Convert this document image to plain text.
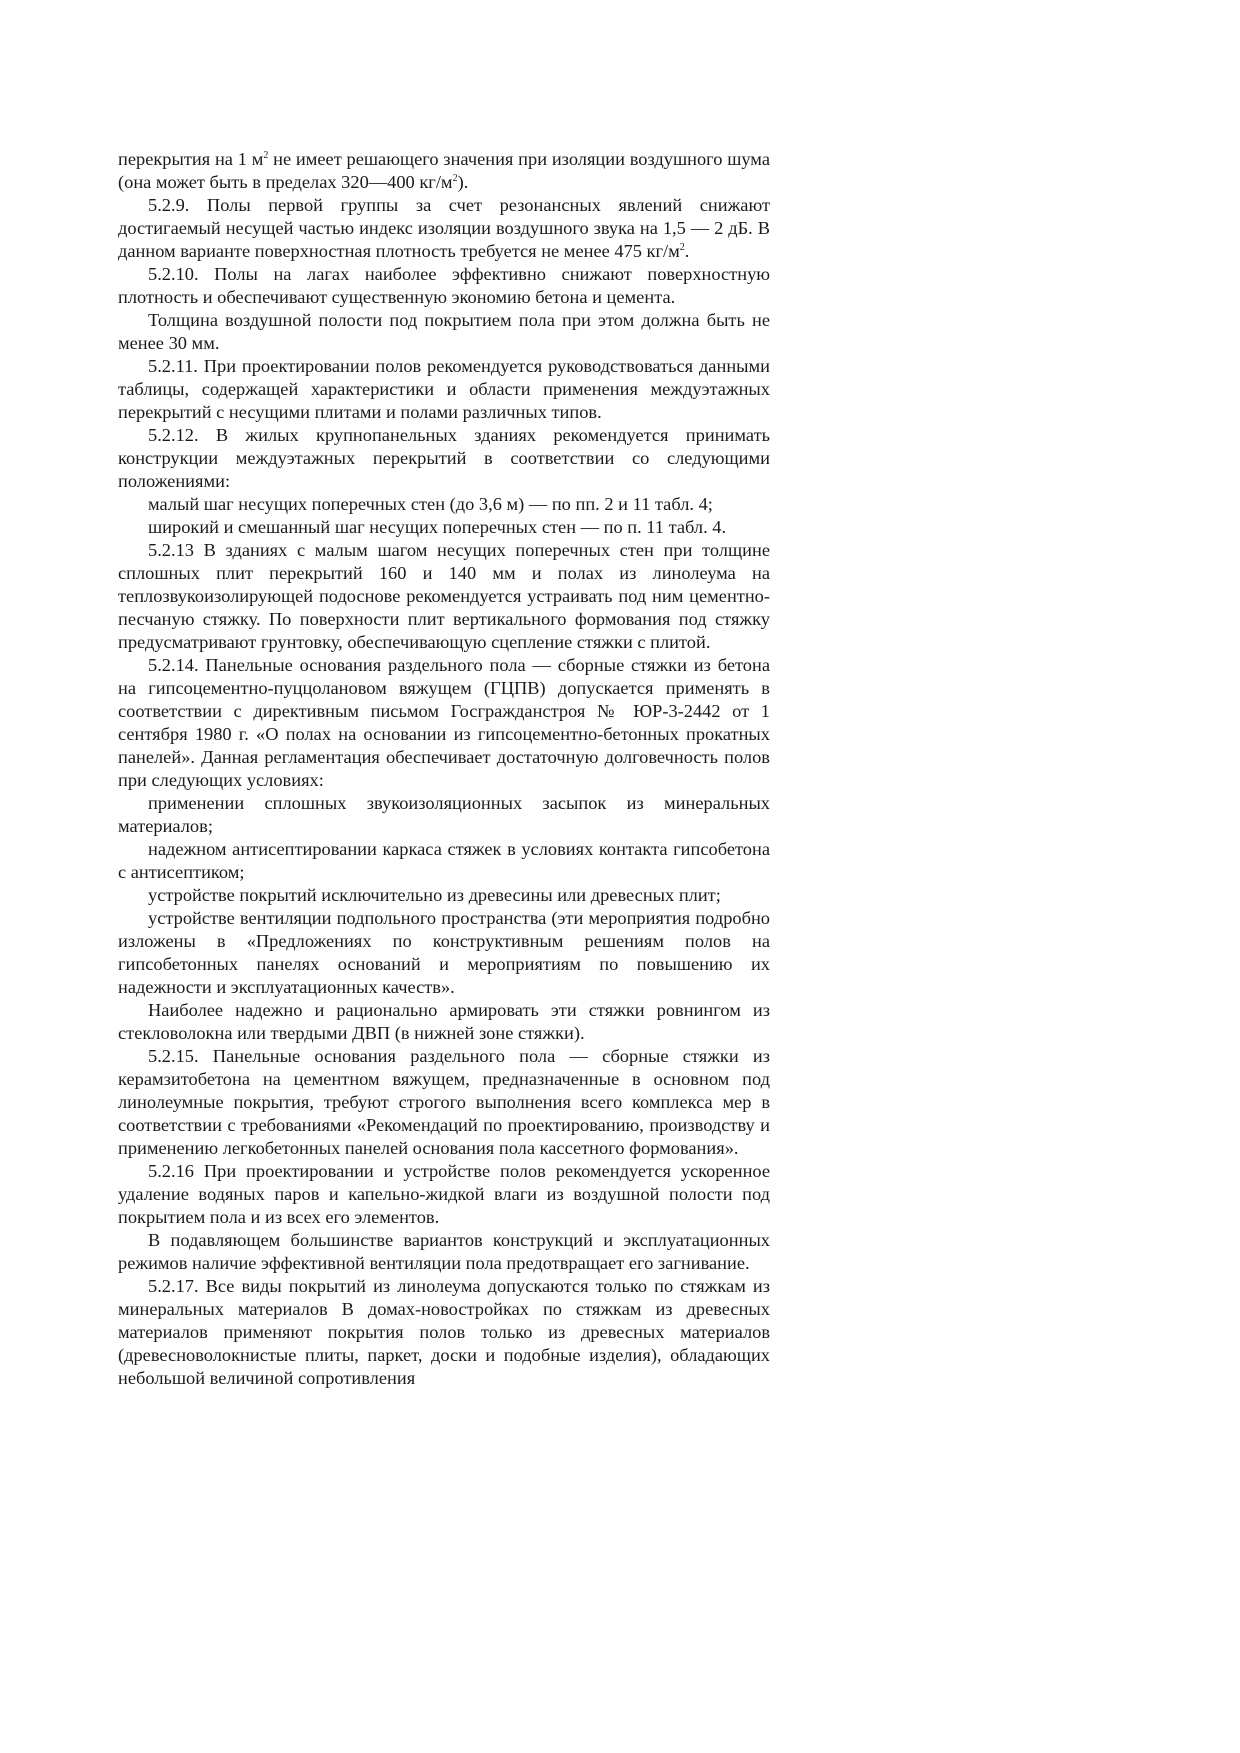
перекрытия на 1 $м^2$ не имеет решающего значения при изоляции воздушного шума (она может быть в пределах 320—400 $кг/м^2$).

5.2.9. Полы первой группы за счет резонансных явлений снижают достигаемый несущей частью индекс изоляции воздушного звука на 1,5 — 2 дБ. В данном варианте поверхностная плотность требуется не менее 475 $кг/м^2$.

5.2.10. Полы на лагах наиболее эффективно снижают поверхностную плотность и обеспечивают существенную экономию бетона и цемента.

Толщина воздушной полости под покрытием пола при этом должна быть не менее 30 мм.

5.2.11. При проектировании полов рекомендуется руководствоваться данными таблицы, содержащей характеристики и области применения междуэтажных перекрытий с несущими плитами и полами различных типов.

5.2.12. В жилых крупнопанельных зданиях рекомендуется принимать конструкции междуэтажных перекрытий в соответствии со следующими положениями:

малый шаг несущих поперечных стен (до 3,6 м) — по пп. 2 и 11 табл. 4;

широкий и смешанный шаг несущих поперечных стен — по п. 11 табл. 4.

5.2.13 В зданиях с малым шагом несущих поперечных стен при толщине сплошных плит перекрытий 160 и 140 мм и полах из линолеума на теплозвукоизолирующей подоснове рекомендуется устраивать под ним цементно-песчаную стяжку. По поверхности плит вертикального формования под стяжку предусматривают грунтовку, обеспечивающую сцепление стяжки с плитой.

5.2.14. Панельные основания раздельного пола — сборные стяжки из бетона на гипсоцементно-пуццолановом вяжущем (ГЦПВ) допускается применять в соответствии с директивным письмом Госгражданстроя № ЮР-3-2442 от 1 сентября 1980 г. «О полах на основании из гипсоцементно-бетонных прокатных панелей». Данная регламентация обеспечивает достаточную долговечность полов при следующих условиях:

применении сплошных звукоизоляционных засыпок из минеральных материалов;

надежном антисептировании каркаса стяжек в условиях контакта гипсобетона с антисептиком;

устройстве покрытий исключительно из древесины или древесных плит;

устройстве вентиляции подпольного пространства (эти мероприятия подробно изложены в «Предложениях по конструктивным решениям полов на гипсобетонных панелях оснований и мероприятиям по повышению их надежности и эксплуатационных качеств».

Наиболее надежно и рационально армировать эти стяжки ровнингом из стекловолокна или твердыми ДВП (в нижней зоне стяжки).

5.2.15. Панельные основания раздельного пола — сборные стяжки из керамзитобетона на цементном вяжущем, предназначенные в основном под линолеумные покрытия, требуют строгого выполнения всего комплекса мер в соответствии с требованиями «Рекомендаций по проектированию, производству и применению легкобетонных панелей основания пола кассетного формования».

5.2.16 При проектировании и устройстве полов рекомендуется ускоренное удаление водяных паров и капельно-жидкой влаги из воздушной полости под покрытием пола и из всех его элементов.

В подавляющем большинстве вариантов конструкций и эксплуатационных режимов наличие эффективной вентиляции пола предотвращает его загнивание.

5.2.17. Все виды покрытий из линолеума допускаются только по стяжкам из минеральных материалов В домах-новостройках по стяжкам из древесных материалов применяют покрытия полов только из древесных материалов (древесноволокнистые плиты, паркет, доски и подобные изделия), обладающих небольшой величиной сопротивления
